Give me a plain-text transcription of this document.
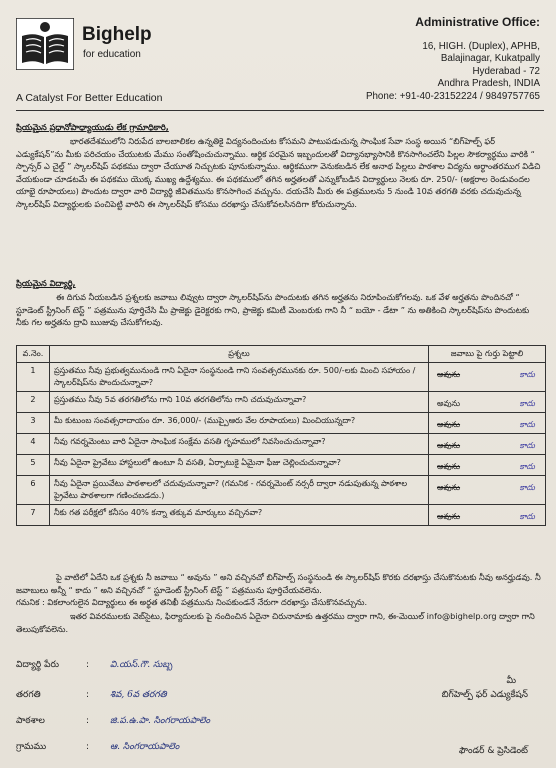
Bighelp
for education
A Catalyst For Better Education
Administrative Office:
16, HIGH. (Duplex), APHB,
Balajinagar, Kukatpally
Hyderabad - 72
Andhra Pradesh, INDIA
Phone: +91-40-23152224 / 9849757765
ప్రియమైన ప్రధానోపాధ్యాయుడు లేక గ్రామాధికారి,
భారతదేశములోని నిరుపేద బాలబాలికల ఉన్నతికై విద్యనందించుట కోసమని పాటుపడుచున్న సాంఘిక సేవా సంస్థ అయిన “బిగ్‌హెల్ప్ ఫర్ ఎడ్యుకేషన్”ను మీకు పరిచయం చేయుటకు మేము సంతోషించుచున్నాము. ఆర్థిక పరమైన ఇబ్బందులతో విద్యానభ్యాసానికి కొనసాగించలేని పిల్లల సౌకర్యార్థము వారికి “ స్పాన్సర్ ఎ చైల్డ్ ” స్కాలర్‌షిప్ పథకము ద్వారా చేయూత నిచ్చుటకు పూనుకున్నాము. ఆర్థికముగా వెనుకబడిన లేక అనాథ పిల్లలు పాఠశాల విద్యను అర్థాంతరముగ విడిచి వేయకుండా చూడటమే ఈ పథకము యొక్క ముఖ్య ఉద్దేశ్యము. ఈ పథకములో తగిన అర్హతలతో ఎన్నుకోబడిన విద్యార్థులు నెలకు రూ. 250/- (అక్షరాల రెండువందల యాభై రూపాయలు) పొందుట ద్వారా వారి విద్యార్థి జీవితమును కొనసాగించ వచ్చును. దయచేసి మీరు ఈ పత్రములను 5 నుండి 10వ తరగతి వరకు చదువుచున్న స్కాలర్‌షిప్ విద్యార్థులకు పంచిపెట్టి వారిని ఈ స్కాలర్‌షిప్ కోసము దరఖాస్తు చేసుకోవలసినదిగా కోరుచున్నాను.
ప్రియమైన విద్యార్థి,
ఈ దిగువ నీయబడిన ప్రశ్నలకు జవాబు లివ్వుట ద్వారా స్కాలర్‌షిప్‌ను పొందుటకు తగిన అర్హతను నిరూపించుకోగలవు. ఒక వేళ అర్హతను పొందినచో “ స్టూడెంట్ స్ట్రీనింగ్ టెస్ట్ ” పత్రమును పూర్తిచేసి మీ ప్రాజెక్టు డైరెక్టరకు గాని, ప్రాజెక్టు కమిటీ మెంబరుకు గాని నీ “ బయో - డేటా ” ను అతికించి స్కాలర్‌షిప్‌ను పొందుటకు నీకు గల అర్హతను ద్రావి ఋజువు చేసుకోగలవు.
వ.నెం.	ప్రశ్నలు	జవాబు పై గుర్తు పెట్టాలి
1	ప్రస్తుతము నీవు ప్రభుత్వమునుండి గాని ఏదైనా సంస్థనుండి గాని సంవత్సరమునకు రూ. 500/-లకు మించి సహాయం / స్కాలర్‌షిప్‌ను పొందుచున్నావా?	అవును కాదు

2	ప్రస్తుతము నీవు 5వ తరగతిలోను గాని 10వ తరగతిలోను గాని చదువుచున్నావా?	అవును కాదు

3	మీ కుటుంబ సంవత్సరాదాయం రూ. 36,000/- (ముప్పైఆరు వేల రూపాయలు) మించియున్నదా?	అవును కాదు

4	నీవు గవర్నమెంటు వారి ఏదైనా సాంఘిక సంక్షేమ వసతి గృహములో నివసించుచున్నావా?	అవును కాదు

5	నీవు ఏదైనా ప్రైవేటు హాస్టలులో ఉంటూ నీ వసతి, ఏర్పాటుకై ఏమైనా ఫీజు చెల్లించుచున్నావా?	అవును కాదు

6	నీవు ఏదైనా ప్రయివేటు పాఠశాలలో చదువుచున్నావా? (గమనిక - గవర్నమెంట్ నర్సరీ ద్వారా నడుపుతున్న పాఠశాల ప్రైవేటు పాఠశాలగా గణించబడదు.)	అవును కాదు

7	నీకు గత పరీక్షలో కనీసం 40% కన్నా తక్కువ మార్కులు వచ్చినవా?	అవును కాదు
పై వాటిలో ఏదేని ఒక ప్రశ్నకు నీ జవాబు “ అవును ” అని వచ్చినచో బిగ్‌హెల్ప్ సంస్థనుండి ఈ స్కాలర్‌షిప్ కొరకు దరఖాస్తు చేసుకొనుటకు నీవు అనర్హుడవు. నీ జవాబులు అన్నీ “ కాదు ” అని వచ్చినచో “ స్టూడెంట్ స్ట్రీనింగ్ టెస్ట్ ” పత్రమును పూర్తిచేయవలెను.
గమనిక : వికలాంగులైన విద్యార్థులు ఈ అర్థత తనిఖీ పత్రమును నింపకుండనే నేరుగా దరఖాస్తు చేసుకొనవచ్చును.
ఇతర వివరములకు వెబ్‌సైటు, ఫిర్యాదులకు పై నందించిన ఏదైనా చిరునామాకు ఉత్తరము ద్వారా గాని, ఈ-మెయిల్ info@bighelp.org ద్వారా గాని తెలుపుకోవలెను.
విద్యార్థి పేరు	:	వి.యస్.గౌ. సుబ్బ
తరగతి	:	శివ, 6వ తరగతి
పాఠశాల	:	జి.ప.ఉ.పా. సింగరాయపాలెం
గ్రామము	:	ఆ. సింగరాయపాలెం
మీ
బిగ్‌హెల్ప్ ఫర్ ఎడ్యుకేషన్
ఫౌండర్ & ప్రెసిడెంట్
